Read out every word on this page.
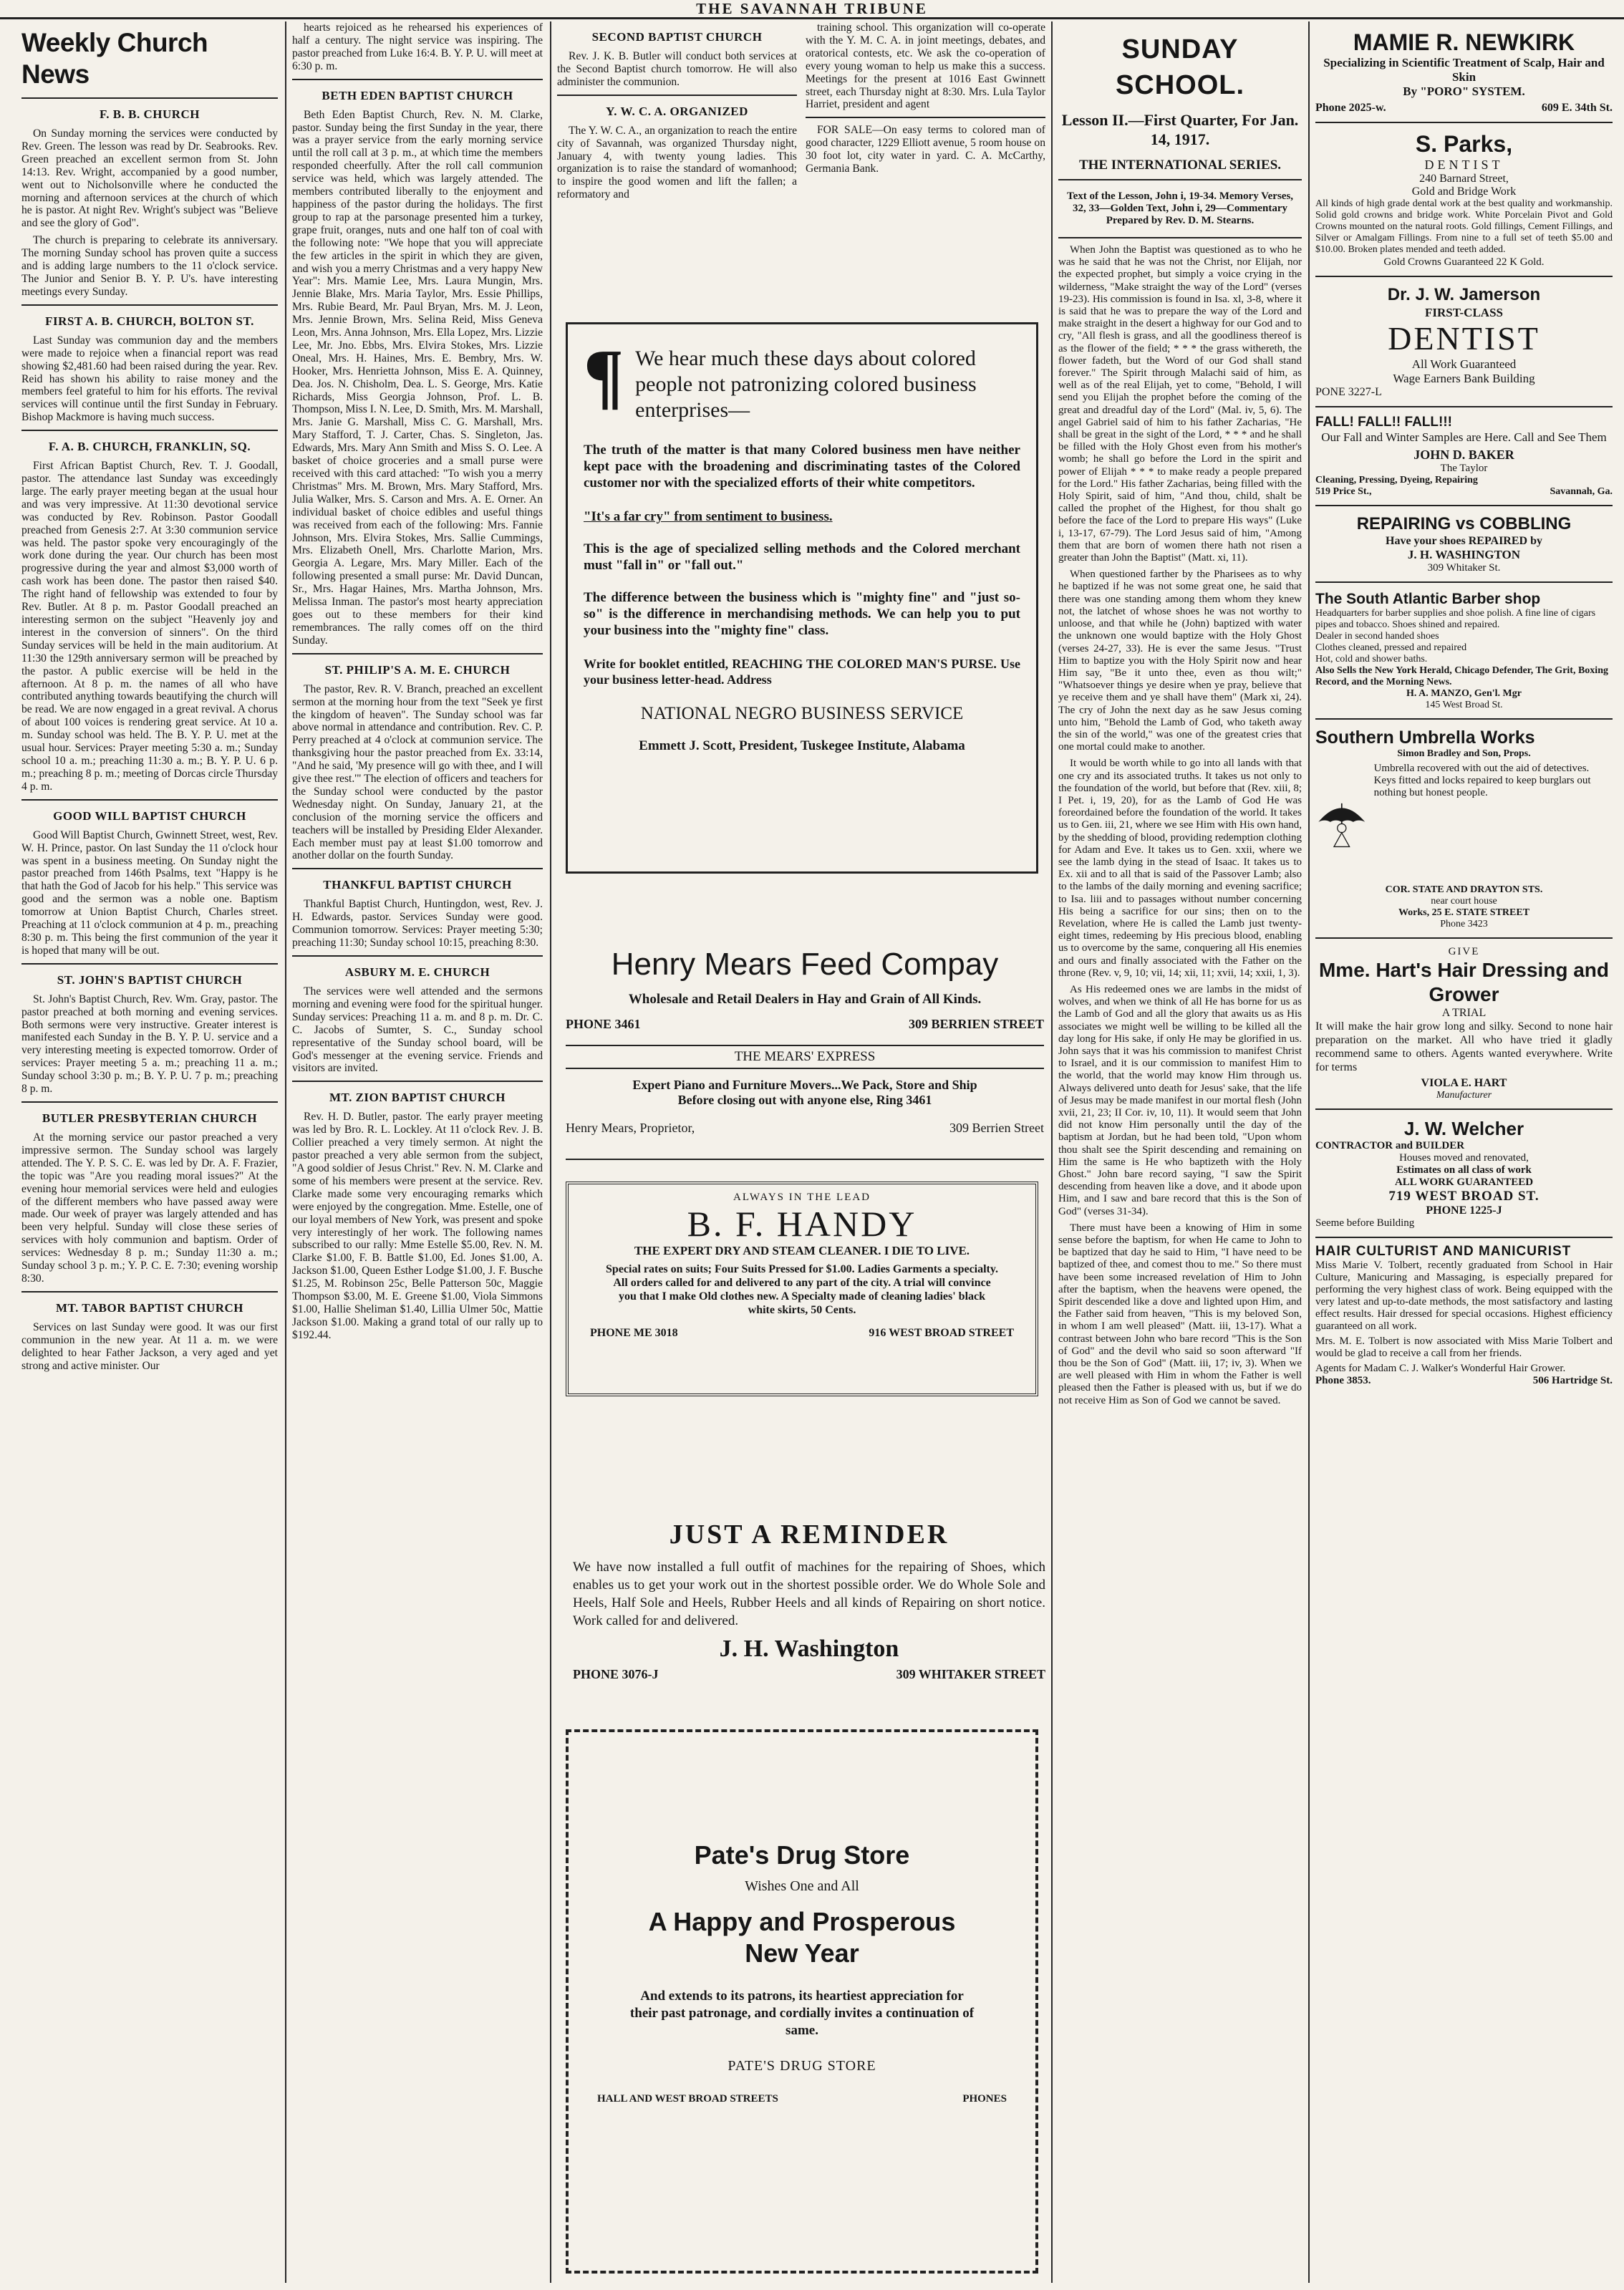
THE SAVANNAH TRIBUNE
Weekly Church News
F. B. B. CHURCH

On Sunday morning the services were conducted by Rev. Green. The lesson was read by Dr. Seabrooks. Rev. Green preached an excellent sermon from St. John 14:13. Rev. Wright, accompanied by a good number, went out to Nicholsonville where he conducted the morning and afternoon services at the church of which he is pastor. At night Rev. Wright's subject was "Believe and see the glory of God".

The church is preparing to celebrate its anniversary. The morning Sunday school has proven quite a success and is adding large numbers to the 11 o'clock service. The Junior and Senior B. Y. P. U's. have interesting meetings every Sunday.

FIRST A. B. CHURCH, BOLTON ST.

Last Sunday was communion day and the members were made to rejoice when a financial report was read showing $2,481.60 had been raised during the year. Rev. Reid has shown his ability to raise money and the members feel grateful to him for his efforts. The revival services will continue until the first Sunday in February. Bishop Mackmore is having much success.

F. A. B. CHURCH, FRANKLIN, SQ.

First African Baptist Church, Rev. T. J. Goodall, pastor. The attendance last Sunday was exceedingly large. The early prayer meeting began at the usual hour and was very impressive. At 11:30 devotional service was conducted by Rev. Robinson. Pastor Goodall preached from Genesis 2:7. At 3:30 communion service was held. The pastor spoke very encouragingly of the work done during the year. Our church has been most progressive during the year and almost $3,000 worth of cash work has been done. The pastor then raised $40. The right hand of fellowship was extended to four by Rev. Butler. At 8 p. m. Pastor Goodall preached an interesting sermon on the subject "Heavenly joy and interest in the conversion of sinners". On the third Sunday services will be held in the main auditorium. At 11:30 the 129th anniversary sermon will be preached by the pastor. A public exercise will be held in the afternoon. At 8 p. m. the names of all who have contributed anything towards beautifying the church will be read. We are now engaged in a great revival. A chorus of about 100 voices is rendering great service. At 10 a. m. Sunday school was held. The B. Y. P. U. met at the usual hour. Services: Prayer meeting 5:30 a. m.; Sunday school 10 a. m.; preaching 11:30 a. m.; B. Y. P. U. 6 p. m.; preaching 8 p. m.; meeting of Dorcas circle Thursday 4 p. m.

GOOD WILL BAPTIST CHURCH

Good Will Baptist Church, Gwinnett Street, west, Rev. W. H. Prince, pastor. On last Sunday the 11 o'clock hour was spent in a business meeting. On Sunday night the pastor preached from 146th Psalms, text "Happy is he that hath the God of Jacob for his help." This service was good and the sermon was a noble one. Baptism tomorrow at Union Baptist Church, Charles street. Preaching at 11 o'clock communion at 4 p. m., preaching 8:30 p. m. This being the first communion of the year it is hoped that many will be out.

ST. JOHN'S BAPTIST CHURCH

St. John's Baptist Church, Rev. Wm. Gray, pastor. The pastor preached at both morning and evening services. Both sermons were very instructive. Greater interest is manifested each Sunday in the B. Y. P. U. service and a very interesting meeting is expected tomorrow. Order of services: Prayer meeting 5 a. m.; preaching 11 a. m.; Sunday school 3:30 p. m.; B. Y. P. U. 7 p. m.; preaching 8 p. m.

BUTLER PRESBYTERIAN CHURCH

At the morning service our pastor preached a very impressive sermon. The Sunday school was largely attended. The Y. P. S. C. E. was led by Dr. A. F. Frazier, the topic was "Are you reading moral issues?" At the evening hour memorial services were held and eulogies of the different members who have passed away were made. Our week of prayer was largely attended and has been very helpful. Sunday will close these series of services with holy communion and baptism. Order of services: Wednesday 8 p. m.; Sunday 11:30 a. m.; Sunday school 3 p. m.; Y. P. C. E. 7:30; evening worship 8:30.

MT. TABOR BAPTIST CHURCH

Services on last Sunday were good. It was our first communion in the new year. At 11 a. m. we were delighted to hear Father Jackson, a very aged and yet strong and active minister. Our

hearts rejoiced as he rehearsed his experiences of half a century. The night service was inspiring. The pastor preached from Luke 16:4. B. Y. P. U. will meet at 6:30 p. m.

BETH EDEN BAPTIST CHURCH

Beth Eden Baptist Church, Rev. N. M. Clarke, pastor. Sunday being the first Sunday in the year, there was a prayer service from the early morning service until the roll call at 3 p. m., at which time the members responded cheerfully. After the roll call communion service was held, which was largely attended. The members contributed liberally to the enjoyment and happiness of the pastor during the holidays. The first group to rap at the parsonage presented him a turkey, grape fruit, oranges, nuts and one half ton of coal with the following note: "We hope that you will appreciate the few articles in the spirit in which they are given, and wish you a merry Christmas and a very happy New Year": Mrs. Mamie Lee, Mrs. Laura Mungin, Mrs. Jennie Blake, Mrs. Maria Taylor, Mrs. Essie Phillips, Mrs. Rubie Beard, Mr. Paul Bryan, Mrs. M. J. Leon, Mrs. Jennie Brown, Mrs. Selina Reid, Miss Geneva Leon, Mrs. Anna Johnson, Mrs. Ella Lopez, Mrs. Lizzie Lee, Mr. Jno. Ebbs, Mrs. Elvira Stokes, Mrs. Lizzie Oneal, Mrs. H. Haines, Mrs. E. Bembry, Mrs. W. Hooker, Mrs. Henrietta Johnson, Miss E. A. Quinney, Dea. Jos. N. Chisholm, Dea. L. S. George, Mrs. Katie Richards, Miss Georgia Johnson, Prof. L. B. Thompson, Miss I. N. Lee, D. Smith, Mrs. M. Marshall, Mrs. Janie G. Marshall, Miss C. G. Marshall, Mrs. Mary Stafford, T. J. Carter, Chas. S. Singleton, Jas. Edwards, Mrs. Mary Ann Smith and Miss S. O. Lee. A basket of choice groceries and a small purse were received with this card attached: "To wish you a merry Christmas" Mrs. M. Brown, Mrs. Mary Stafford, Mrs. Julia Walker, Mrs. S. Carson and Mrs. A. E. Orner. An individual basket of choice edibles and useful things was received from each of the following: Mrs. Fannie Johnson, Mrs. Elvira Stokes, Mrs. Sallie Cummings, Mrs. Elizabeth Onell, Mrs. Charlotte Marion, Mrs. Georgia A. Legare, Mrs. Mary Miller. Each of the following presented a small purse: Mr. David Duncan, Sr., Mrs. Hagar Haines, Mrs. Martha Johnson, Mrs. Melissa Inman. The pastor's most hearty appreciation goes out to these members for their kind remembrances. The rally comes off on the third Sunday.

ST. PHILIP'S A. M. E. CHURCH

The pastor, Rev. R. V. Branch, preached an excellent sermon at the morning hour from the text "Seek ye first the kingdom of heaven". The Sunday school was far above normal in attendance and contribution. Rev. C. P. Perry preached at 4 o'clock at communion service. The thanksgiving hour the pastor preached from Ex. 33:14, "And he said, 'My presence will go with thee, and I will give thee rest.'" The election of officers and teachers for the Sunday school were conducted by the pastor Wednesday night. On Sunday, January 21, at the conclusion of the morning service the officers and teachers will be installed by Presiding Elder Alexander. Each member must pay at least $1.00 tomorrow and another dollar on the fourth Sunday.

THANKFUL BAPTIST CHURCH

Thankful Baptist Church, Huntingdon, west, Rev. J. H. Edwards, pastor. Services Sunday were good. Communion tomorrow. Services: Prayer meeting 5:30; preaching 11:30; Sunday school 10:15, preaching 8:30.

ASBURY M. E. CHURCH

The services were well attended and the sermons morning and evening were food for the spiritual hunger. Sunday services: Preaching 11 a. m. and 8 p. m. Dr. C. C. Jacobs of Sumter, S. C., Sunday school representative of the Sunday school board, will be God's messenger at the evening service. Friends and visitors are invited.

MT. ZION BAPTIST CHURCH

Rev. H. D. Butler, pastor. The early prayer meeting was led by Bro. R. L. Lockley. At 11 o'clock Rev. J. B. Collier preached a very timely sermon. At night the pastor preached a very able sermon from the subject, "A good soldier of Jesus Christ." Rev. N. M. Clarke and some of his members were present at the service. Rev. Clarke made some very encouraging remarks which were enjoyed by the congregation. Mme. Estelle, one of our loyal members of New York, was present and spoke very interestingly of her work. The following names subscribed to our rally: Mme Estelle $5.00, Rev. N. M. Clarke $1.00, F. B. Battle $1.00, Ed. Jones $1.00, A. Jackson $1.00, Queen Esther Lodge $1.00, J. F. Busche $1.25, M. Robinson 25c, Belle Patterson 50c, Maggie Thompson $3.00, M. E. Greene $1.00, Viola Simmons $1.00, Hallie Sheliman $1.40, Lillia Ulmer 50c, Mattie Jackson $1.00. Making a grand total of our rally up to $192.44.

SECOND BAPTIST CHURCH

Rev. J. K. B. Butler will conduct both services at the Second Baptist church tomorrow. He will also administer the communion.

Y. W. C. A. ORGANIZED

The Y. W. C. A., an organization to reach the entire city of Savannah, was organized Thursday night, January 4, with twenty young ladies. This organization is to raise the standard of womanhood; to inspire the good women and lift the fallen; a reformatory and

training school. This organization will co-operate with the Y. M. C. A. in joint meetings, debates, and oratorical contests, etc. We ask the co-operation of every young woman to help us make this a success. Meetings for the present at 1016 East Gwinnett street, each Thursday night at 8:30. Mrs. Lula Taylor Harriet, president and agent

FOR SALE—On easy terms to colored man of good character, 1229 Elliott avenue, 5 room house on 30 foot lot, city water in yard. C. A. McCarthy, Germania Bank.

¶ We hear much these days about colored people not patronizing colored business enterprises—
The truth of the matter is that many Colored business men have neither kept pace with the broadening and discriminating tastes of the Colored customer nor with the specialized efforts of their white competitors.
"It's a far cry" from sentiment to business.
This is the age of specialized selling methods and the Colored merchant must "fall in" or "fall out."
The difference between the business which is "mighty fine" and "just so-so" is the difference in merchandising methods. We can help you to put your business into the "mighty fine" class.
Write for booklet entitled, REACHING THE COLORED MAN'S PURSE. Use your business letter-head. Address
NATIONAL NEGRO BUSINESS SERVICE
Emmett J. Scott, President, Tuskegee Institute, Alabama
Henry Mears Feed Compay
Wholesale and Retail Dealers in Hay and Grain of All Kinds.
PHONE 3461	309 BERRIEN STREET
THE MEARS' EXPRESS
Expert Piano and Furniture Movers...We Pack, Store and Ship
Before closing out with anyone else, Ring 3461
Henry Mears, Proprietor,	309 Berrien Street
ALWAYS IN THE LEAD
B. F. HANDY
THE EXPERT DRY AND STEAM CLEANER. I DIE TO LIVE.
Special rates on suits; Four Suits Pressed for $1.00. Ladies Garments a specialty. All orders called for and delivered to any part of the city. A trial will convince you that I make Old clothes new. A Specialty made of cleaning ladies' black white skirts, 50 Cents.
PHONE ME 3018	916 WEST BROAD STREET
JUST A REMINDER
We have now installed a full outfit of machines for the repairing of Shoes, which enables us to get your work out in the shortest possible order. We do Whole Sole and Heels, Half Sole and Heels, Rubber Heels and all kinds of Repairing on short notice. Work called for and delivered.
J. H. Washington
PHONE 3076-J	309 WHITAKER STREET
Pate's Drug Store
Wishes One and All
A Happy and Prosperous
New Year
And extends to its patrons, its heartiest appreciation for their past patronage, and cordially invites a continuation of same.
PATE'S DRUG STORE
HALL AND WEST BROAD STREETS	PHONES
SUNDAY SCHOOL.
Lesson II.—First Quarter, For Jan. 14, 1917.
THE INTERNATIONAL SERIES.
Text of the Lesson, John i, 19-34. Memory Verses, 32, 33—Golden Text, John i, 29—Commentary Prepared by Rev. D. M. Stearns.

When John the Baptist was questioned as to who he was he said that he was not the Christ, nor Elijah, nor the expected prophet, but simply a voice crying in the wilderness, "Make straight the way of the Lord" (verses 19-23). His commission is found in Isa. xl, 3-8, where it is said that he was to prepare the way of the Lord and make straight in the desert a highway for our God and to cry, "All flesh is grass, and all the goodliness thereof is as the flower of the field; * * * the grass withereth, the flower fadeth, but the Word of our God shall stand forever." The Spirit through Malachi said of him, as well as of the real Elijah, yet to come, "Behold, I will send you Elijah the prophet before the coming of the great and dreadful day of the Lord" (Mal. iv, 5, 6). The angel Gabriel said of him to his father Zacharias, "He shall be great in the sight of the Lord, * * * and he shall be filled with the Holy Ghost even from his mother's womb; he shall go before the Lord in the spirit and power of Elijah * * * to make ready a people prepared for the Lord." His father Zacharias, being filled with the Holy Spirit, said of him, "And thou, child, shalt be called the prophet of the Highest, for thou shalt go before the face of the Lord to prepare His ways" (Luke i, 13-17, 67-79). The Lord Jesus said of him, "Among them that are born of women there hath not risen a greater than John the Baptist" (Matt. xi, 11).

When questioned farther by the Pharisees as to why he baptized if he was not some great one, he said that there was one standing among them whom they knew not, the latchet of whose shoes he was not worthy to unloose, and that while he (John) baptized with water the unknown one would baptize with the Holy Ghost (verses 24-27, 33). He is ever the same Jesus. "Trust Him to baptize you with the Holy Spirit now and hear Him say, "Be it unto thee, even as thou wilt;" "Whatsoever things ye desire when ye pray, believe that ye receive them and ye shall have them" (Mark xi, 24). The cry of John the next day as he saw Jesus coming unto him, "Behold the Lamb of God, who taketh away the sin of the world," was one of the greatest cries that one mortal could make to another.

It would be worth while to go into all lands with that one cry and its associated truths. It takes us not only to the foundation of the world, but before that (Rev. xiii, 8; I Pet. i, 19, 20), for as the Lamb of God He was foreordained before the foundation of the world. It takes us to Gen. iii, 21, where we see Him with His own hand, by the shedding of blood, providing redemption clothing for Adam and Eve. It takes us to Gen. xxii, where we see the lamb dying in the stead of Isaac. It takes us to Ex. xii and to all that is said of the Passover Lamb; also to the lambs of the daily morning and evening sacrifice; to Isa. liii and to passages without number concerning His being a sacrifice for our sins; then on to the Revelation, where He is called the Lamb just twenty-eight times, redeeming by His precious blood, enabling us to overcome by the same, conquering all His enemies and ours and finally associated with the Father on the throne (Rev. v, 9, 10; vii, 14; xii, 11; xvii, 14; xxii, 1, 3).

As His redeemed ones we are lambs in the midst of wolves, and when we think of all He has borne for us as the Lamb of God and all the glory that awaits us as His associates we might well be willing to be killed all the day long for His sake, if only He may be glorified in us. John says that it was his commission to manifest Christ to Israel, and it is our commission to manifest Him to the world, that the world may know Him through us. Always delivered unto death for Jesus' sake, that the life of Jesus may be made manifest in our mortal flesh (John xvii, 21, 23; II Cor. iv, 10, 11). It would seem that John did not know Him personally until the day of the baptism at Jordan, but he had been told, "Upon whom thou shalt see the Spirit descending and remaining on Him the same is He who baptizeth with the Holy Ghost." John bare record saying, "I saw the Spirit descending from heaven like a dove, and it abode upon Him, and I saw and bare record that this is the Son of God" (verses 31-34).

There must have been a knowing of Him in some sense before the baptism, for when He came to John to be baptized that day he said to Him, "I have need to be baptized of thee, and comest thou to me." So there must have been some increased revelation of Him to John after the baptism, when the heavens were opened, the Spirit descended like a dove and lighted upon Him, and the Father said from heaven, "This is my beloved Son, in whom I am well pleased" (Matt. iii, 13-17). What a contrast between John who bare record "This is the Son of God" and the devil who said so soon afterward "If thou be the Son of God" (Matt. iii, 17; iv, 3). When we are well pleased with Him in whom the Father is well pleased then the Father is pleased with us, but if we do not receive Him as Son of God we cannot be saved.

MAMIE R. NEWKIRK
Specializing in Scientific Treatment of Scalp, Hair and Skin
By "PORO" SYSTEM.
Phone 2025-w.	609 E. 34th St.
S. Parks,
DENTIST
240 Barnard Street,
Gold and Bridge Work
All kinds of high grade dental work at the best quality and workmanship. Solid gold crowns and bridge work. White Porcelain Pivot and Gold Crowns mounted on the natural roots. Gold fillings, Cement Fillings, and Silver or Amalgam Fillings. From nine to a full set of teeth $5.00 and $10.00. Broken plates mended and teeth added.
Gold Crowns Guaranteed 22 K Gold.
Dr. J. W. Jamerson
FIRST-CLASS
DENTIST
All Work Guaranteed
Wage Earners Bank Building
PONE 3227-L
FALL! FALL!! FALL!!!
Our Fall and Winter Samples are Here. Call and See Them
JOHN D. BAKER
The Taylor
Cleaning, Pressing, Dyeing, Repairing
519 Price St.,	Savannah, Ga.
REPAIRING vs COBBLING
Have your shoes REPAIRED by
J. H. WASHINGTON
309 Whitaker St.
The South Atlantic Barber shop
Headquarters for barber supplies and shoe polish. A fine line of cigars pipes and tobacco. Shoes shined and repaired.
Dealer in second handed shoes
Clothes cleaned, pressed and repaired
Hot, cold and shower baths.
Also Sells the New York Herald, Chicago Defender, The Grit, Boxing Record, and the Morning News.
H. A. MANZO, Gen'l. Mgr
145 West Broad St.
Southern Umbrella Works
Simon Bradley and Son, Props.
Umbrella recovered with out the aid of detectives. Keys fitted and locks repaired to keep burglars out nothing but honest people.
COR. STATE AND DRAYTON STS.
near court house
Works, 25 E. STATE STREET
Phone 3423
GIVE
Mme. Hart's Hair Dressing and Grower
A TRIAL
It will make the hair grow long and silky. Second to none hair preparation on the market. All who have tried it gladly recommend same to others. Agents wanted everywhere. Write for terms
VIOLA E. HART
Manufacturer
J. W. Welcher
CONTRACTOR and BUILDER
Houses moved and renovated,
Estimates on all class of work
ALL WORK GUARANTEED
719 WEST BROAD ST.
PHONE 1225-J
Seeme before Building
HAIR CULTURIST AND MANICURIST
Miss Marie V. Tolbert, recently graduated from School in Hair Culture, Manicuring and Massaging, is especially prepared for performing the very highest class of work. Being equipped with the very latest and up-to-date methods, the most satisfactory and lasting effect results. Hair dressed for special occasions. Highest efficiency guaranteed on all work.
Mrs. M. E. Tolbert is now associated with Miss Marie Tolbert and would be glad to receive a call from her friends.
Agents for Madam C. J. Walker's Wonderful Hair Grower.
Phone 3853.	506 Hartridge St.
